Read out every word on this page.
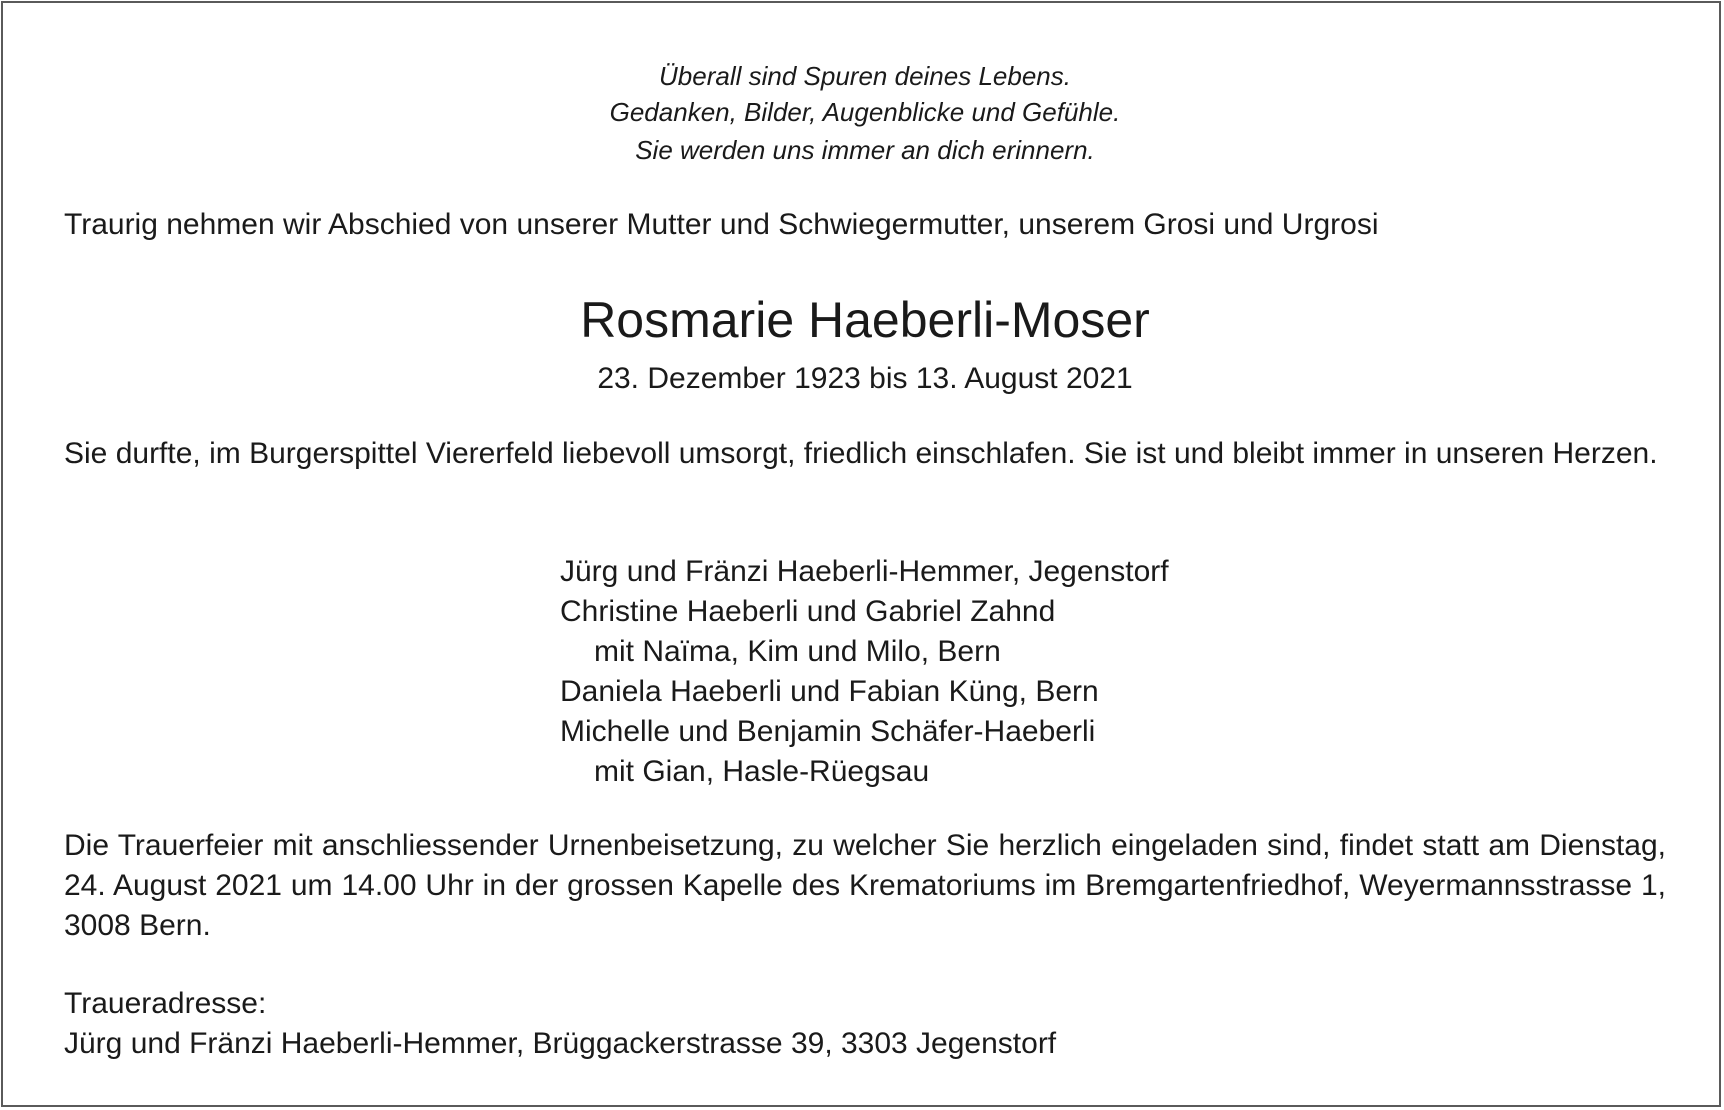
Überall sind Spuren deines Lebens.
Gedanken, Bilder, Augenblicke und Gefühle.
Sie werden uns immer an dich erinnern.
Traurig nehmen wir Abschied von unserer Mutter und Schwiegermutter, unserem Grosi und Urgrosi
Rosmarie Haeberli-Moser
23. Dezember 1923 bis 13. August 2021
Sie durfte, im Burgerspittel Viererfeld liebevoll umsorgt, friedlich einschlafen. Sie ist und bleibt immer in unseren Herzen.
Jürg und Fränzi Haeberli-Hemmer, Jegenstorf
Christine Haeberli und Gabriel Zahnd
mit Naïma, Kim und Milo, Bern
Daniela Haeberli und Fabian Küng, Bern
Michelle und Benjamin Schäfer-Haeberli
mit Gian, Hasle-Rüegsau
Die Trauerfeier mit anschliessender Urnenbeisetzung, zu welcher Sie herzlich eingeladen sind, findet statt am Dienstag, 24. August 2021 um 14.00 Uhr in der grossen Kapelle des Krematoriums im Bremgartenfriedhof, Weyermannsstrasse 1, 3008 Bern.
Traueradresse:
Jürg und Fränzi Haeberli-Hemmer, Brüggackerstrasse 39, 3303 Jegenstorf
